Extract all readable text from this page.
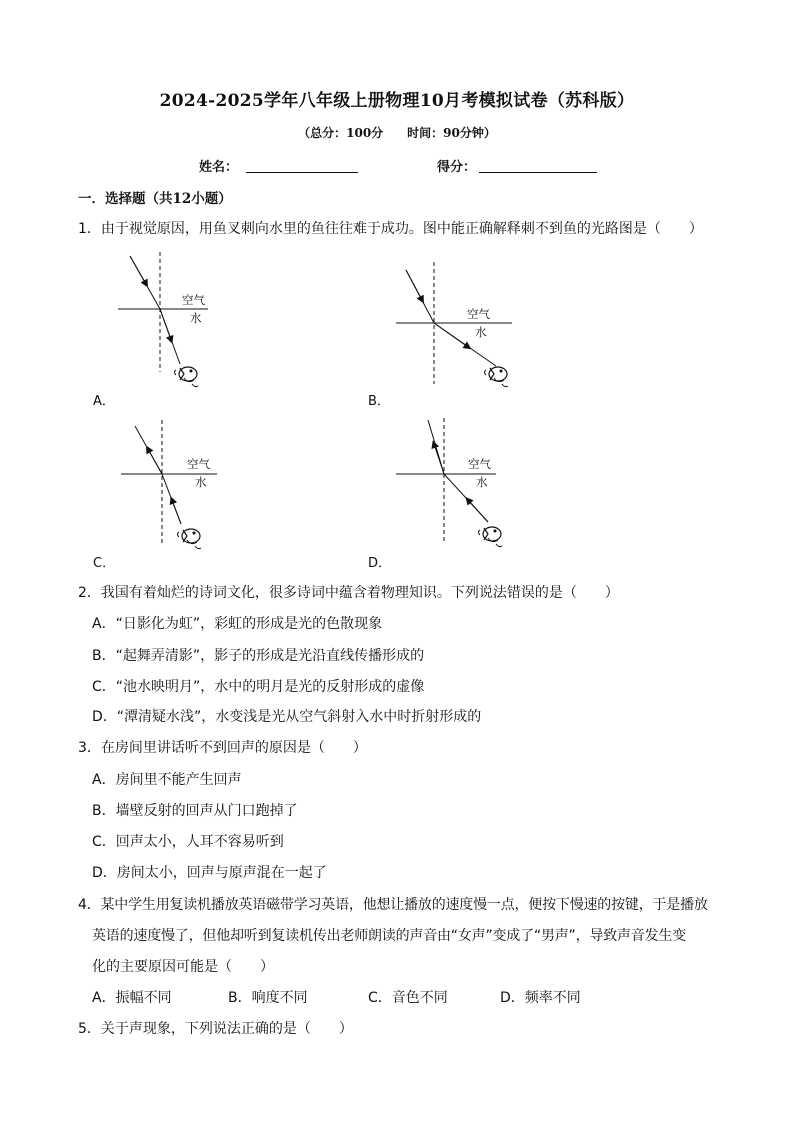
2024-2025学年八年级上册物理10月考模拟试卷（苏科版）
（总分：100分　　时间：90分钟）
姓名：	得分：
一．选择题（共12小题）
1．由于视觉原因，用鱼叉刺向水里的鱼往往难于成功。图中能正确解释刺不到鱼的光路图是（　　）
空气
水
A．
空气
水
B．
空气
水
C．
空气
水
D．
2．我国有着灿烂的诗词文化，很多诗词中蕴含着物理知识。下列说法错误的是（　　）
A．“日影化为虹”，彩虹的形成是光的色散现象
B．“起舞弄清影”，影子的形成是光沿直线传播形成的
C．“池水映明月”，水中的明月是光的反射形成的虚像
D．“潭清疑水浅”，水变浅是光从空气斜射入水中时折射形成的
3．在房间里讲话听不到回声的原因是（　　）
A．房间里不能产生回声
B．墙壁反射的回声从门口跑掉了
C．回声太小，人耳不容易听到
D．房间太小，回声与原声混在一起了
4．某中学生用复读机播放英语磁带学习英语，他想让播放的速度慢一点，便按下慢速的按键，于是播放
英语的速度慢了，但他却听到复读机传出老师朗读的声音由“女声”变成了“男声”，导致声音发生变
化的主要原因可能是（　　）
A．振幅不同	B．响度不同	C．音色不同	D．频率不同
5．关于声现象，下列说法正确的是（　　）
